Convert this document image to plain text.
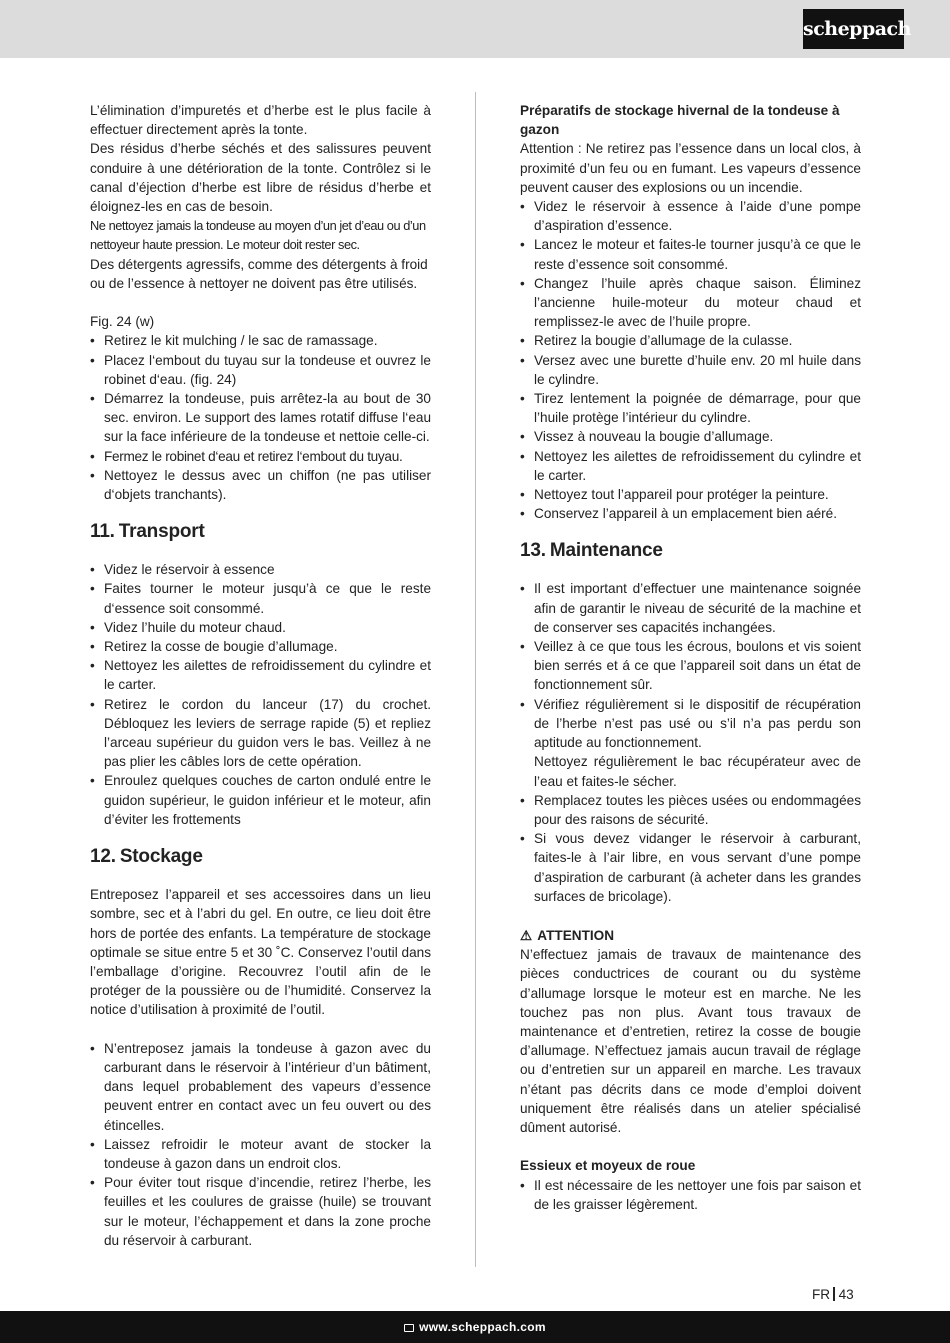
scheppach

L’élimination d’impuretés et d’herbe est le plus facile à effectuer directement après la tonte.

Des résidus d’herbe séchés et des salissures peuvent conduire à une détérioration de la tonte. Contrôlez si le canal d’éjection d’herbe est libre de résidus d’herbe et éloignez-les en cas de besoin.

Ne nettoyez jamais la tondeuse au moyen d’un jet d’eau ou d’un nettoyeur haute pression. Le moteur doit rester sec.

Des détergents agressifs, comme des détergents à froid ou de l’essence à nettoyer ne doivent pas être utilisés.

Fig. 24 (w)

• Retirez le kit mulching / le sac de ramassage.
• Placez l‘embout du tuyau sur la tondeuse et ouvrez le robinet d‘eau. (fig. 24)
• Démarrez la tondeuse, puis arrêtez-la au bout de 30 sec. environ. Le support des lames rotatif diffuse l‘eau sur la face inférieure de la tondeuse et nettoie celle-ci.
• Fermez le robinet d‘eau et retirez l‘embout du tuyau.
• Nettoyez le dessus avec un chiffon (ne pas utiliser d‘objets tranchants).
11. Transport
• Videz le réservoir à essence
• Faites tourner le moteur jusqu’à ce que le reste d‘essence soit consommé.
• Videz l’huile du moteur chaud.
• Retirez la cosse de bougie d’allumage.
• Nettoyez les ailettes de refroidissement du cylindre et le carter.
• Retirez le cordon du lanceur (17) du crochet. Débloquez les leviers de serrage rapide (5) et repliez l’arceau supérieur du guidon vers le bas. Veillez à ne pas plier les câbles lors de cette opération.
• Enroulez quelques couches de carton ondulé entre le guidon supérieur, le guidon inférieur et le moteur, afin d’éviter les frottements
12. Stockage

Entreposez l’appareil et ses accessoires dans un lieu sombre, sec et à l’abri du gel. En outre, ce lieu doit être hors de portée des enfants. La température de stockage optimale se situe entre 5 et 30 ˚C. Conservez l’outil dans l’emballage d’origine. Recouvrez l’outil afin de le protéger de la poussière ou de l’humidité. Conservez la notice d’utilisation à proximité de l’outil.

• N’entreposez jamais la tondeuse à gazon avec du carburant dans le réservoir à l’intérieur d’un bâtiment, dans lequel probablement des vapeurs d’essence peuvent entrer en contact avec un feu ouvert ou des étincelles.
• Laissez refroidir le moteur avant de stocker la tondeuse à gazon dans un endroit clos.
• Pour éviter tout risque d’incendie, retirez l’herbe, les feuilles et les coulures de graisse (huile) se trouvant sur le moteur, l’échappement et dans la zone proche du réservoir à carburant.

Préparatifs de stockage hivernal de la tondeuse à gazon

Attention : Ne retirez pas l’essence dans un local clos, à proximité d’un feu ou en fumant. Les vapeurs d’essence peuvent causer des explosions ou un incendie.

• Videz le réservoir à essence à l’aide d’une pompe d’aspiration d’essence.
• Lancez le moteur et faites-le tourner jusqu’à ce que le reste d’essence soit consommé.
• Changez l’huile après chaque saison. Éliminez l’ancienne huile-moteur du moteur chaud et remplissez-le avec de l’huile propre.
• Retirez la bougie d’allumage de la culasse.
• Versez avec une burette d’huile env. 20 ml huile dans le cylindre.
• Tirez lentement la poignée de démarrage, pour que l’huile protège l’intérieur du cylindre.
• Vissez à nouveau la bougie d’allumage.
• Nettoyez les ailettes de refroidissement du cylindre et le carter.
• Nettoyez tout l’appareil pour protéger la peinture.
• Conservez l’appareil à un emplacement bien aéré.
13. Maintenance
• Il est important d’effectuer une maintenance soignée afin de garantir le niveau de sécurité de la machine et de conserver ses capacités inchangées.
• Veillez à ce que tous les écrous, boulons et vis soient bien serrés et á ce que l’appareil soit dans un état de fonctionnement sûr.
• Vérifiez régulièrement si le dispositif de récupération de l’herbe n’est pas usé ou s’il n’a pas perdu son aptitude au fonctionnement.
Nettoyez régulièrement le bac récupérateur avec de l’eau et faites-le sécher.
• Remplacez toutes les pièces usées ou endommagées pour des raisons de sécurité.
• Si vous devez vidanger le réservoir à carburant, faites-le à l’air libre, en vous servant d’une pompe d’aspiration de carburant (à acheter dans les grandes surfaces de bricolage).

⚠ ATTENTION

N’effectuez jamais de travaux de maintenance des pièces conductrices de courant ou du système d’allumage lorsque le moteur est en marche. Ne les touchez pas non plus. Avant tous travaux de maintenance et d’entretien, retirez la cosse de bougie d’allumage. N’effectuez jamais aucun travail de réglage ou d’entretien sur un appareil en marche. Les travaux n’étant pas décrits dans ce mode d’emploi doivent uniquement être réalisés dans un atelier spécialisé dûment autorisé.

Essieux et moyeux de roue

• Il est nécessaire de les nettoyer une fois par saison et de les graisser légèrement.
FR 43
www.scheppach.com
